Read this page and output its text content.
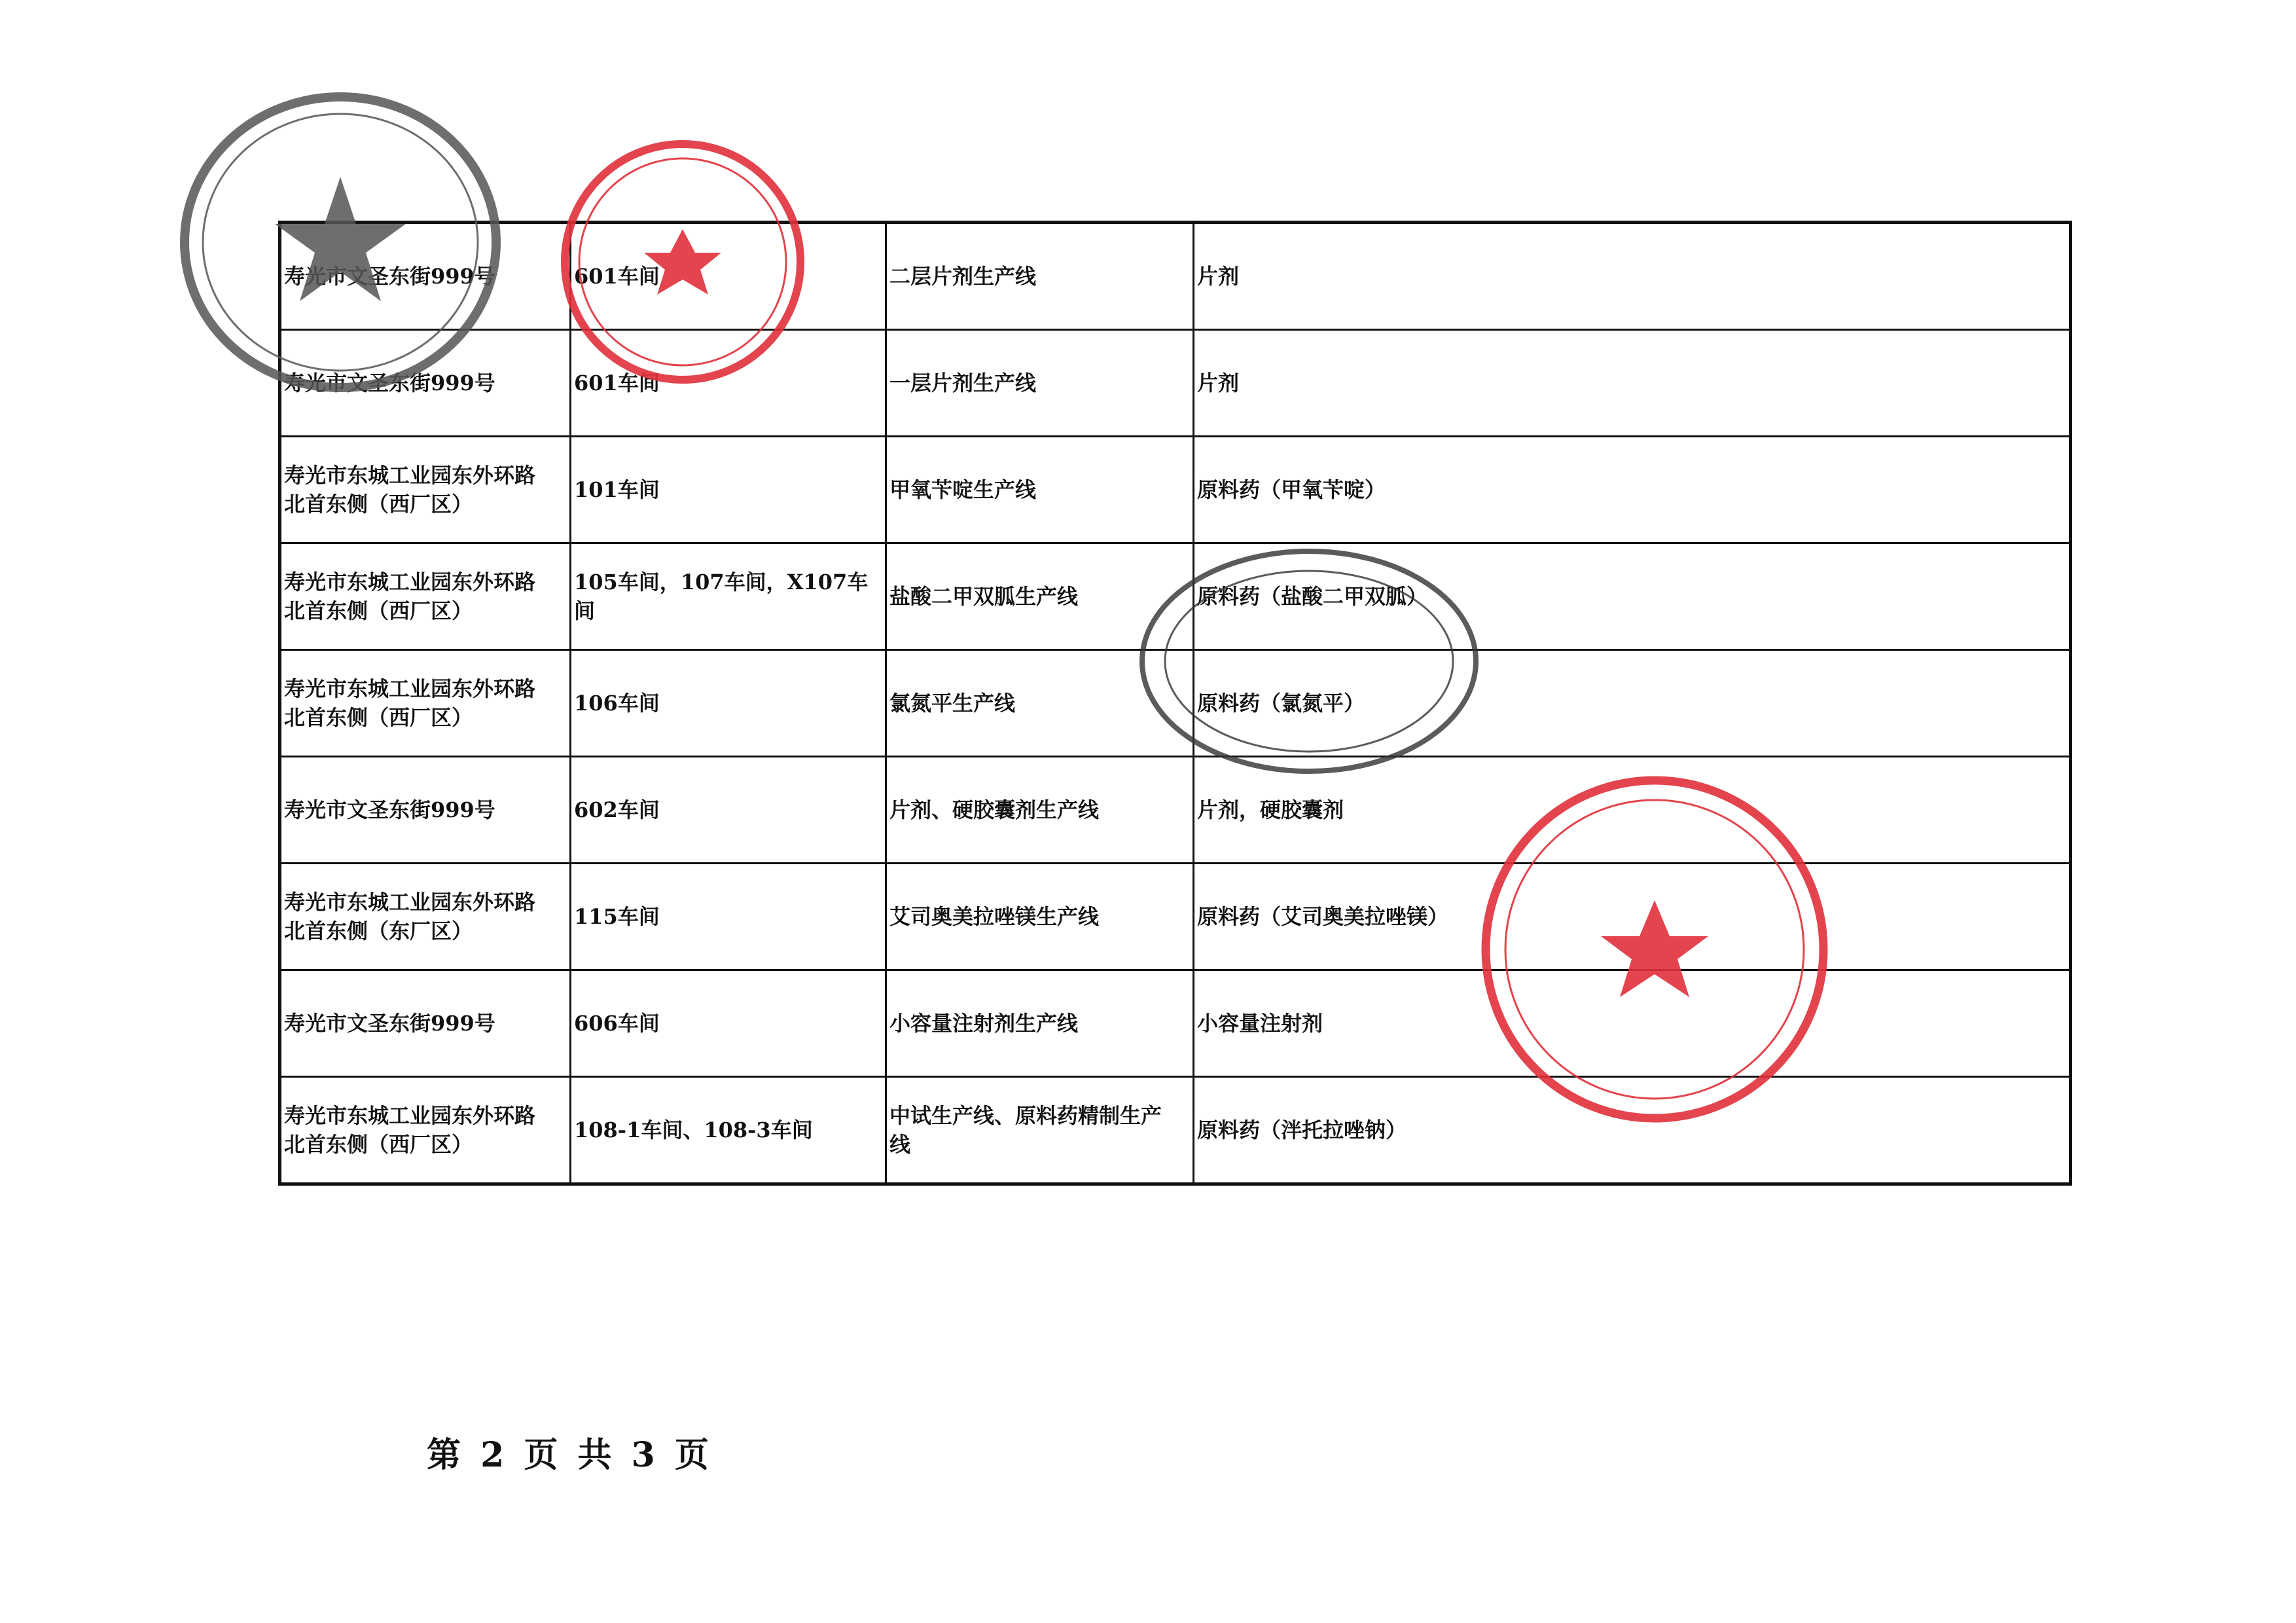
寿光市文圣东街999号	601车间	二层片剂生产线	片剂
寿光市文圣东街999号	601车间	一层片剂生产线	片剂
寿光市东城工业园东外环路
北首东侧（西厂区）	101车间	甲氧苄啶生产线	原料药（甲氧苄啶）
寿光市东城工业园东外环路
北首东侧（西厂区）	105车间，107车间，X107车间	盐酸二甲双胍生产线	原料药（盐酸二甲双胍）
寿光市东城工业园东外环路
北首东侧（西厂区）	106车间	氯氮平生产线	原料药（氯氮平）
寿光市文圣东街999号	602车间	片剂、硬胶囊剂生产线	片剂，硬胶囊剂
寿光市东城工业园东外环路
北首东侧（东厂区）	115车间	艾司奥美拉唑镁生产线	原料药（艾司奥美拉唑镁）
寿光市文圣东街999号	606车间	小容量注射剂生产线	小容量注射剂
寿光市东城工业园东外环路
北首东侧（西厂区）	108-1车间、108-3车间	中试生产线、原料药精制生产
线	原料药（泮托拉唑钠）
第 2 页 共 3 页
